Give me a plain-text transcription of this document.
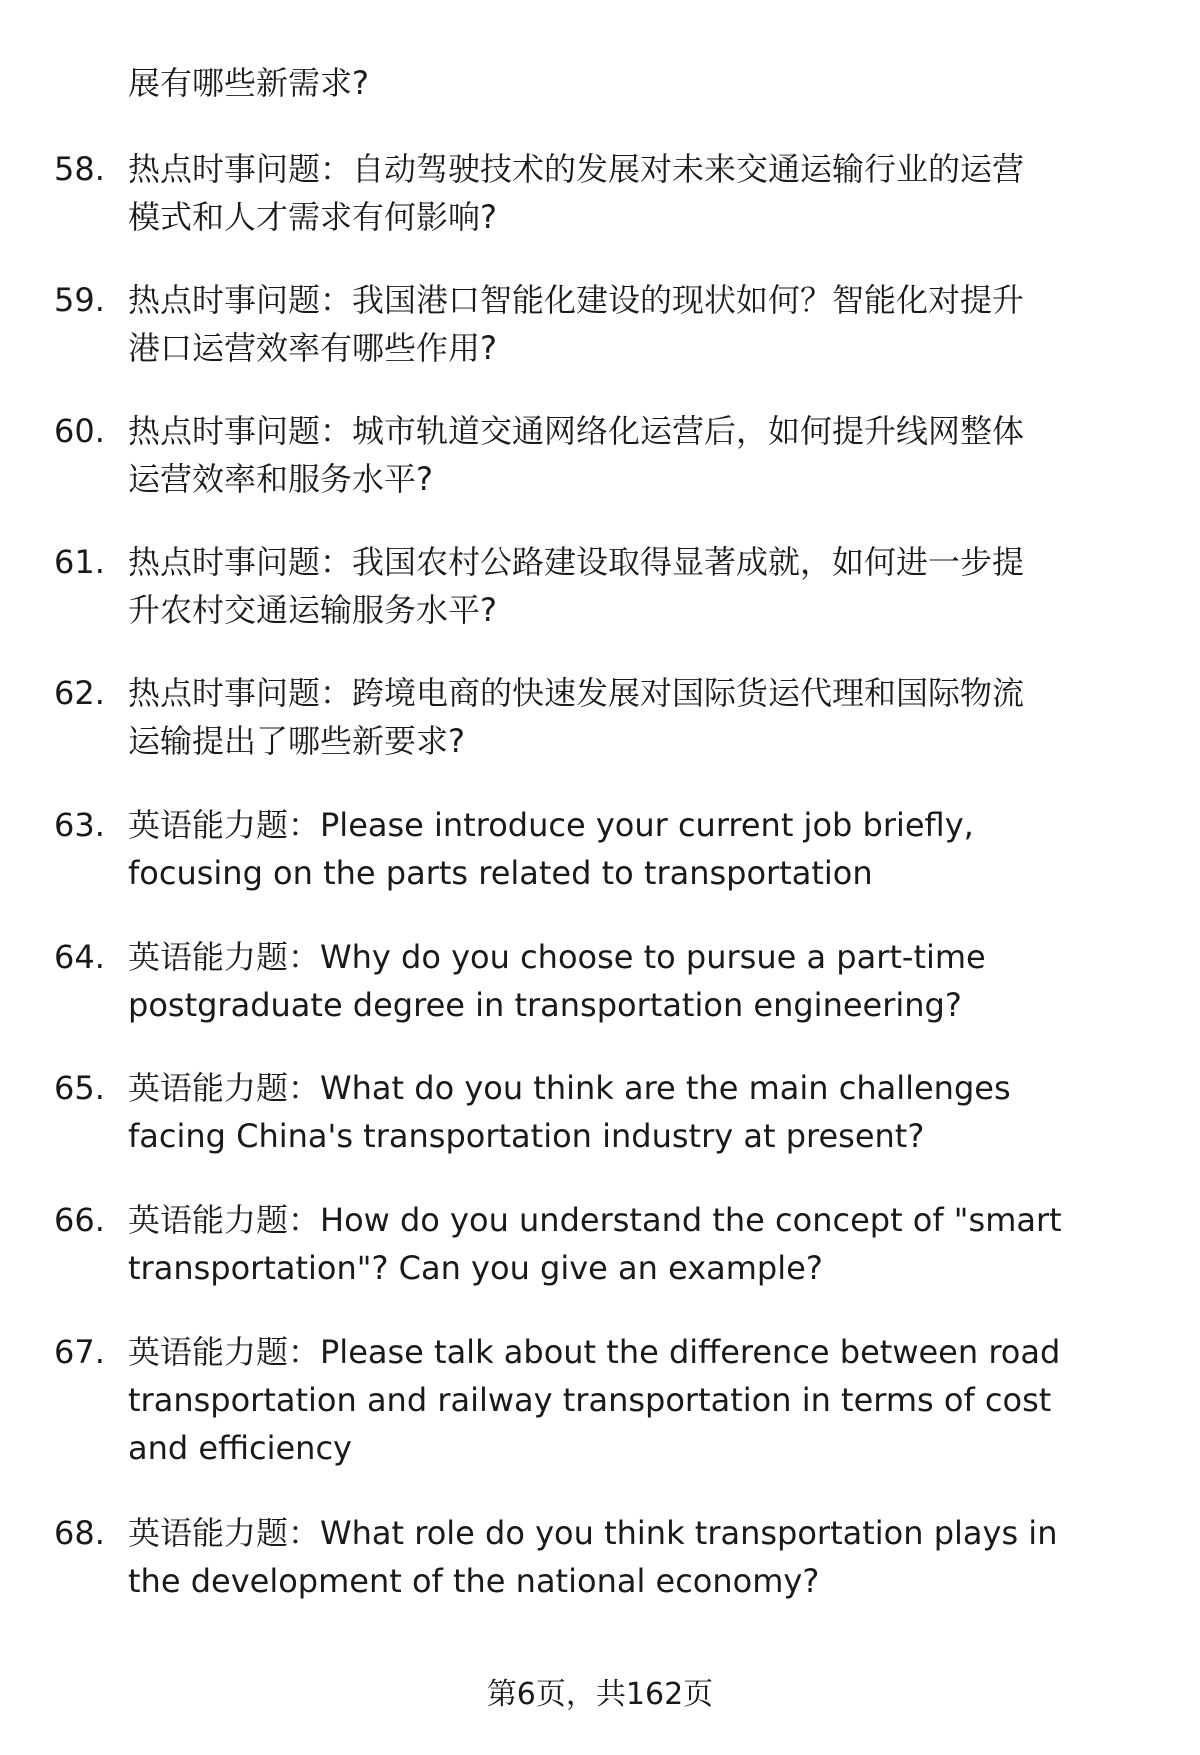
展有哪些新需求?
58. 热点时事问题：自动驾驶技术的发展对未来交通运输行业的运营
模式和人才需求有何影响?
59. 热点时事问题：我国港口智能化建设的现状如何？智能化对提升
港口运营效率有哪些作用?
60. 热点时事问题：城市轨道交通网络化运营后，如何提升线网整体
运营效率和服务水平?
61. 热点时事问题：我国农村公路建设取得显著成就，如何进一步提
升农村交通运输服务水平?
62. 热点时事问题：跨境电商的快速发展对国际货运代理和国际物流
运输提出了哪些新要求?
63. 英语能力题：Please introduce your current job briefly,
focusing on the parts related to transportation
64. 英语能力题：Why do you choose to pursue a part-time
postgraduate degree in transportation engineering?
65. 英语能力题：What do you think are the main challenges
facing China's transportation industry at present?
66. 英语能力题：How do you understand the concept of "smart
transportation"? Can you give an example?
67. 英语能力题：Please talk about the difference between road
transportation and railway transportation in terms of cost
and efficiency
68. 英语能力题：What role do you think transportation plays in
the development of the national economy?
第6页，共162页
